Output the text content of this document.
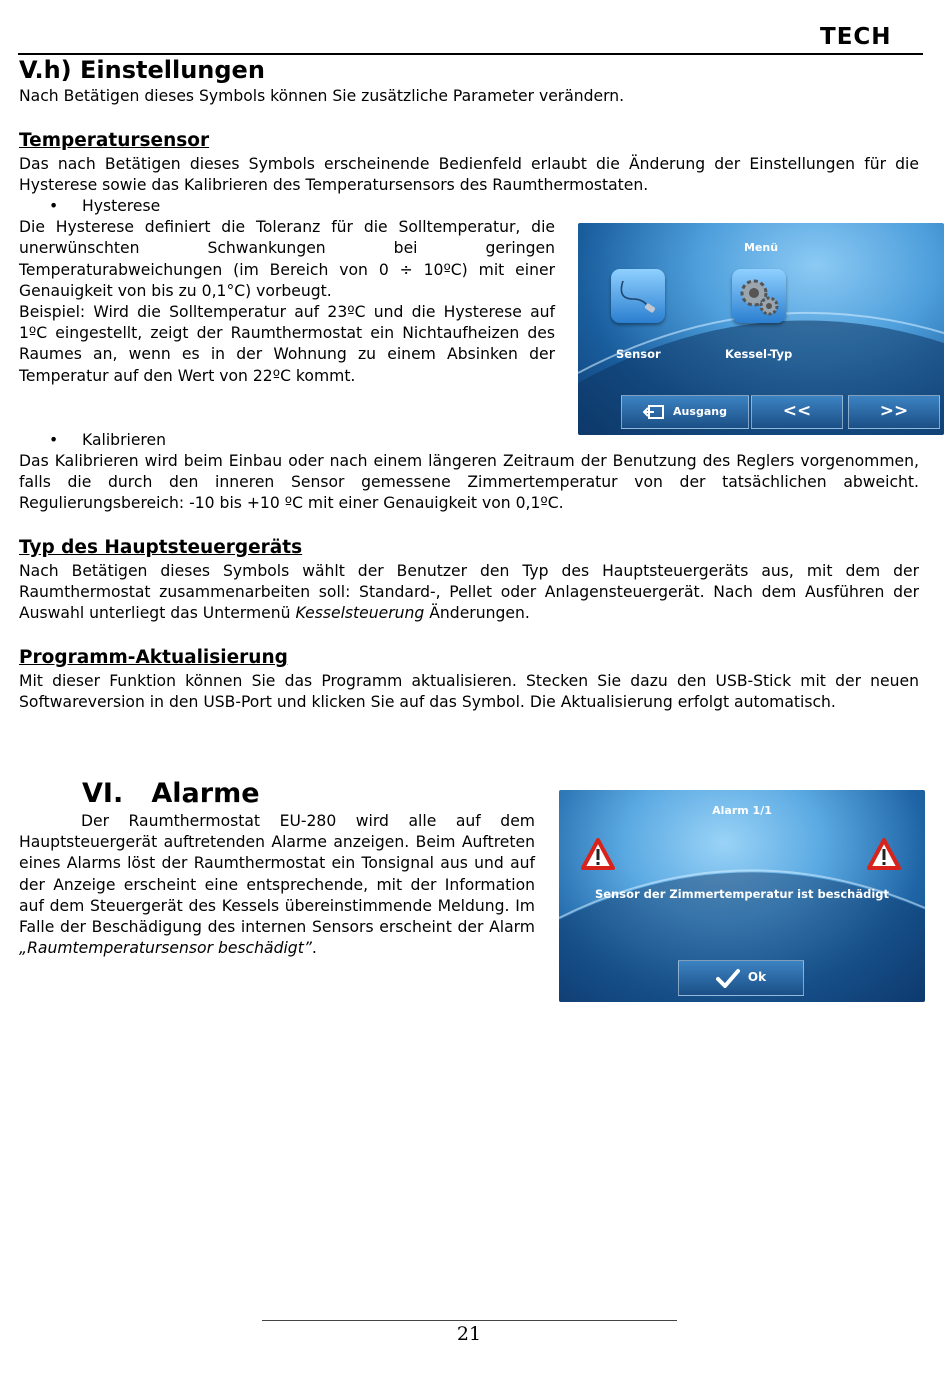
TECH
V.h) Einstellungen

Nach Betätigen dieses Symbols können Sie zusätzliche Parameter verändern.

Temperatursensor

Das nach Betätigen dieses Symbols erscheinende Bedienfeld erlaubt die Änderung der Einstellungen für die Hysterese sowie das Kalibrieren des Temperatursensors des Raumthermostaten.

• Hysterese

Die Hysterese definiert die Toleranz für die Solltemperatur, die unerwünschten Schwankungen bei geringen Temperaturabweichungen (im Bereich von 0 ÷ 10ºC) mit einer Genauigkeit von bis zu 0,1°C) vorbeugt.

Beispiel: Wird die Solltemperatur auf 23ºC und die Hysterese auf 1ºC eingestellt, zeigt der Raumthermostat ein Nichtaufheizen des Raumes an, wenn es in der Wohnung zu einem Absinken der Temperatur auf den Wert von 22ºC kommt.

Menü
Sensor	Kessel-Typ
Ausgang	<<	>>

• Kalibrieren

Das Kalibrieren wird beim Einbau oder nach einem längeren Zeitraum der Benutzung des Reglers vorgenommen, falls die durch den inneren Sensor gemessene Zimmertemperatur von der tatsächlichen abweicht. Regulierungsbereich: -10 bis +10 ºC mit einer Genauigkeit von 0,1ºC.

Typ des Hauptsteuergeräts

Nach Betätigen dieses Symbols wählt der Benutzer den Typ des Hauptsteuergeräts aus, mit dem der Raumthermostat zusammenarbeiten soll: Standard-, Pellet oder Anlagensteuergerät. Nach dem Ausführen der Auswahl unterliegt das Untermenü Kesselsteuerung Änderungen.

Programm-Aktualisierung

Mit dieser Funktion können Sie das Programm aktualisieren. Stecken Sie dazu den USB-Stick mit der neuen Softwareversion in den USB-Port und klicken Sie auf das Symbol. Die Aktualisierung erfolgt automatisch.

VI. Alarme

Der Raumthermostat EU-280 wird alle auf dem Hauptsteuergerät auftretenden Alarme anzeigen. Beim Auftreten eines Alarms löst der Raumthermostat ein Tonsignal aus und auf der Anzeige erscheint eine entsprechende, mit der Information auf dem Steuergerät des Kessels übereinstimmende Meldung. Im Falle der Beschädigung des internen Sensors erscheint der Alarm „Raumtemperatursensor beschädigt”.

Alarm 1/1
Sensor der Zimmertemperatur ist beschädigt
Ok
21
